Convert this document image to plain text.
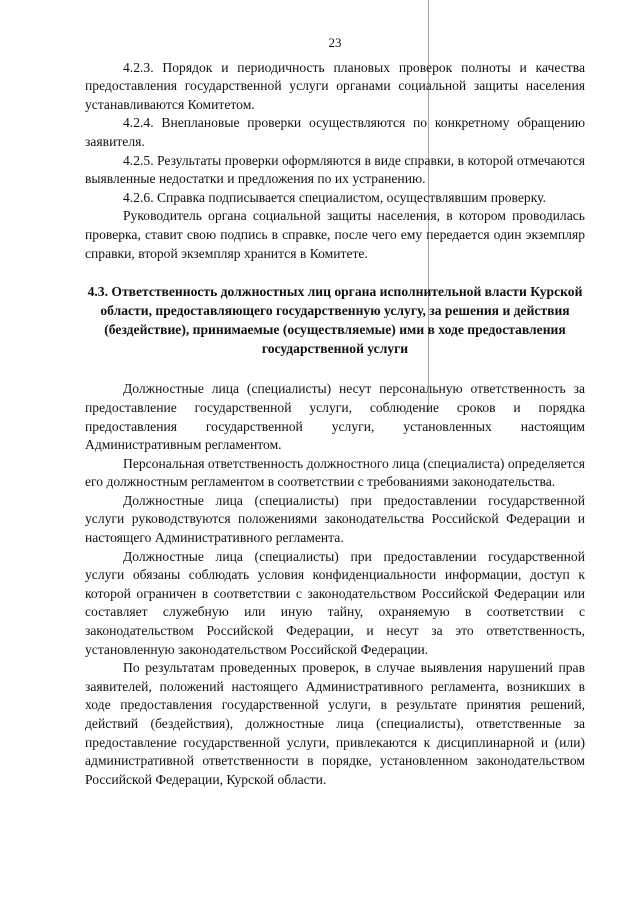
23

4.2.3. Порядок и периодичность плановых проверок полноты и качества предоставления государственной услуги органами социальной защиты населения устанавливаются Комитетом.

4.2.4. Внеплановые проверки осуществляются по конкретному обращению заявителя.

4.2.5. Результаты проверки оформляются в виде справки, в которой отмечаются выявленные недостатки и предложения по их устранению.

4.2.6. Справка подписывается специалистом, осуществлявшим проверку.

Руководитель органа социальной защиты населения, в котором проводилась проверка, ставит свою подпись в справке, после чего ему передается один экземпляр справки, второй экземпляр хранится в Комитете.

4.3. Ответственность должностных лиц органа исполнительной власти Курской области, предоставляющего государственную услугу, за решения и действия (бездействие), принимаемые (осуществляемые) ими в ходе предоставления государственной услуги

Должностные лица (специалисты) несут персональную ответственность за предоставление государственной услуги, соблюдение сроков и порядка предоставления государственной услуги, установленных настоящим Административным регламентом.

Персональная ответственность должностного лица (специалиста) определяется его должностным регламентом в соответствии с требованиями законодательства.

Должностные лица (специалисты) при предоставлении государственной услуги руководствуются положениями законодательства Российской Федерации и настоящего Административного регламента.

Должностные лица (специалисты) при предоставлении государственной услуги обязаны соблюдать условия конфиденциальности информации, доступ к которой ограничен в соответствии с законодательством Российской Федерации или составляет служебную или иную тайну, охраняемую в соответствии с законодательством Российской Федерации, и несут за это ответственность, установленную законодательством Российской Федерации.

По результатам проведенных проверок, в случае выявления нарушений прав заявителей, положений настоящего Административного регламента, возникших в ходе предоставления государственной услуги, в результате принятия решений, действий (бездействия), должностные лица (специалисты), ответственные за предоставление государственной услуги, привлекаются к дисциплинарной и (или) административной ответственности в порядке, установленном законодательством Российской Федерации, Курской области.
